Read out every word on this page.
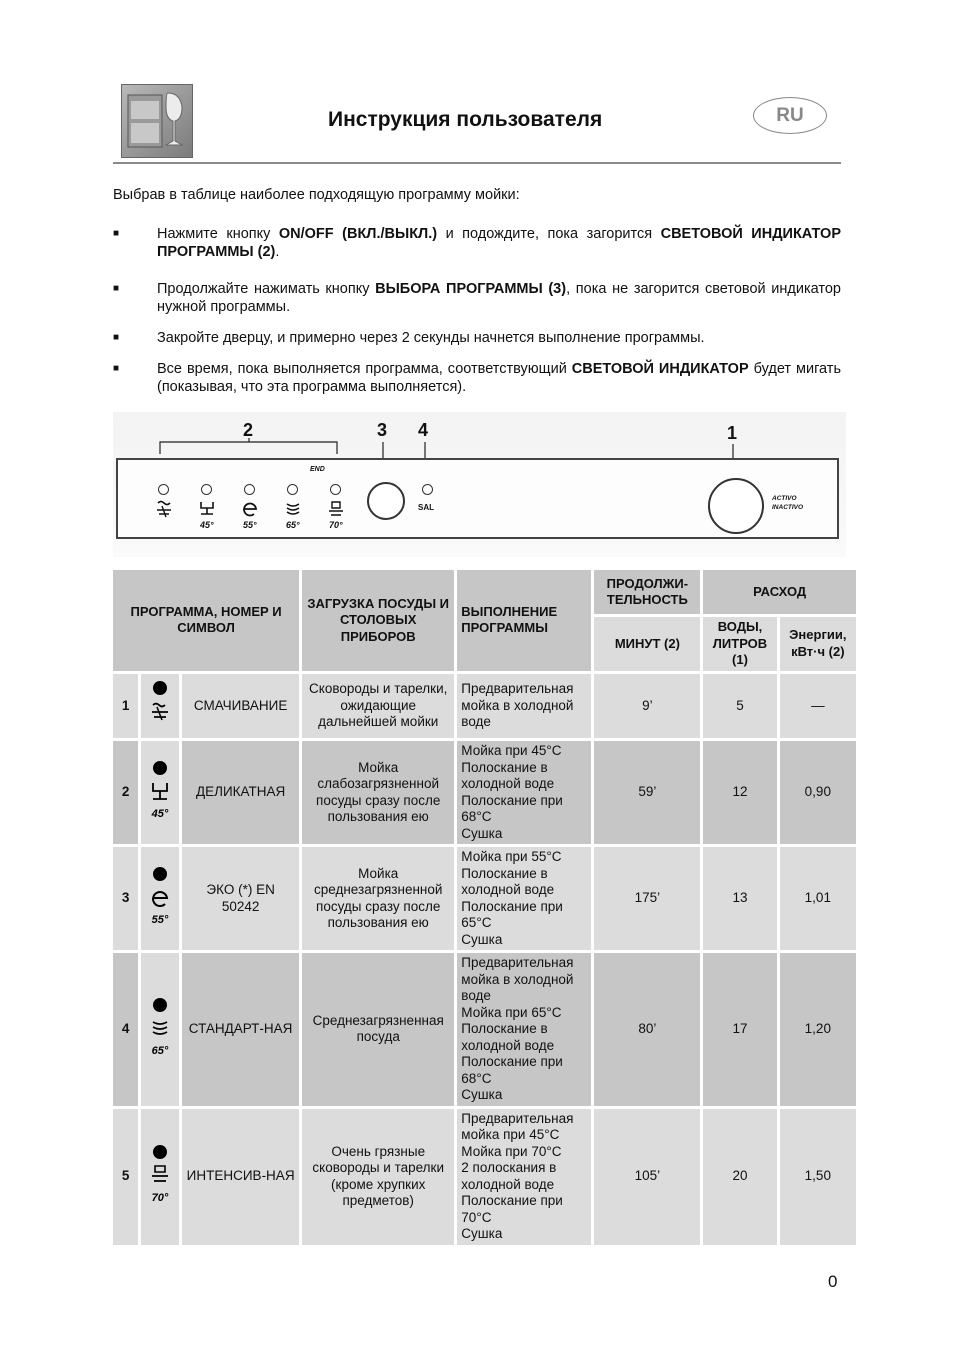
Инструкция пользователя	RU
Выбрав в таблице наиболее подходящую программу мойки:
■	Нажмите кнопку ON/OFF (ВКЛ./ВЫКЛ.) и подождите, пока загорится СВЕТОВОЙ ИНДИКАТОР ПРОГРАММЫ (2).
■	Продолжайте нажимать кнопку ВЫБОРА ПРОГРАММЫ (3), пока не загорится световой индикатор нужной программы.
■	Закройте дверцу, и примерно через 2 секунды начнется выполнение программы.
■	Все время, пока выполняется программа, соответствующий СВЕТОВОЙ ИНДИКАТОР будет мигать (показывая, что эта программа выполняется).
2	3 4	1
END
45°	55°	65°	70°
SAL
ACTIVO
INACTIVO
ПРОГРАММА, НОМЕР И СИМВОЛ			ЗАГРУЗКА ПОСУДЫ И СТОЛОВЫХ ПРИБОРОВ	ВЫПОЛНЕНИЕ ПРОГРАММЫ	ПРОДОЛЖИ-ТЕЛЬНОСТЬ	РАСХОД	
					МИНУТ (2)	ВОДЫ, ЛИТРОВ (1)	Энергии, кВт·ч (2)
1		СМАЧИВАНИЕ	Сковороды и тарелки, ожидающие дальнейшей мойки	Предварительная мойка в холодной воде	9’	5	—
2	45°	ДЕЛИКАТНАЯ	Мойка слабозагрязненной посуды сразу после пользования ею	Мойка при 45°C
Полоскание в холодной воде
Полоскание при 68°C
Сушка	59’	12	0,90
3	55°	ЭКО (*) EN 50242	Мойка среднезагрязненной посуды сразу после пользования ею	Мойка при 55°C
Полоскание в холодной воде
Полоскание при 65°C
Сушка	175’	13	1,01
4	65°	СТАНДАРТ-НАЯ	Среднезагрязненная посуда	Предварительная мойка в холодной воде
Мойка при 65°C
Полоскание в холодной воде
Полоскание при 68°C
Сушка	80’	17	1,20
5	70°	ИНТЕНСИВ-НАЯ	Очень грязные сковороды и тарелки (кроме хрупких предметов)	Предварительная мойка при 45°C
Мойка при 70°C
2 полоскания в холодной воде
Полоскание при 70°C
Сушка	105’	20	1,50
0
